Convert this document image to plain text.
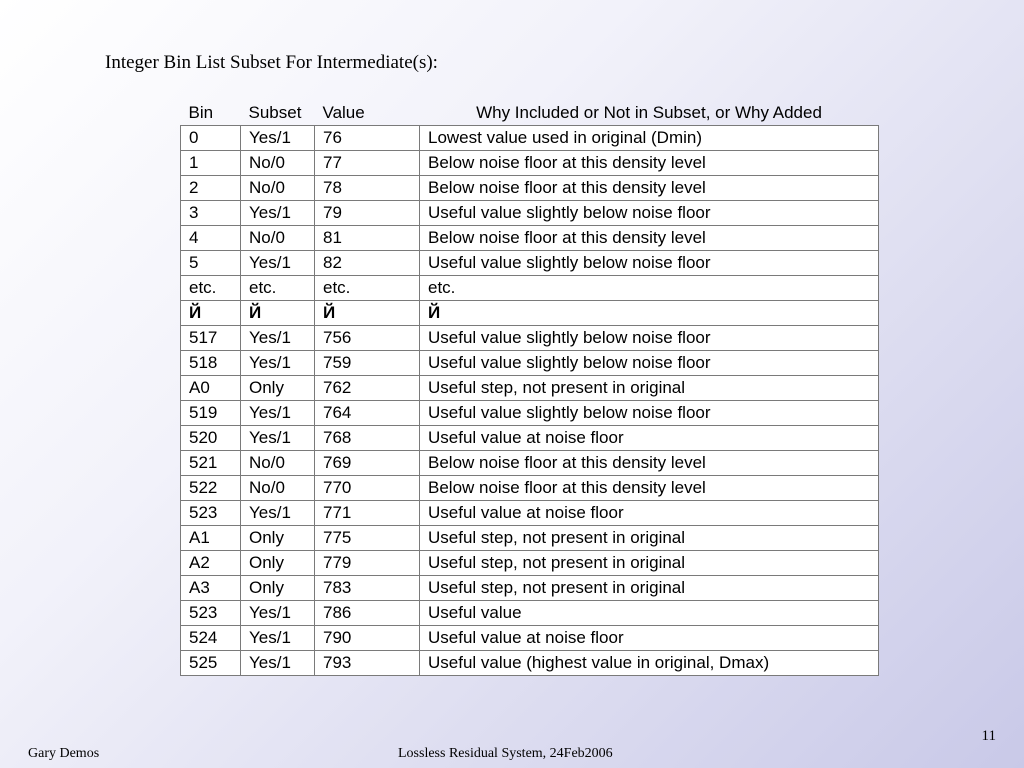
Integer Bin List Subset For Intermediate(s):
Bin	Subset	Value	Why Included or Not in Subset, or Why Added
0	Yes/1	76	Lowest value used in original (Dmin)
1	No/0	77	Below noise floor at this density level
2	No/0	78	Below noise floor at this density level
3	Yes/1	79	Useful value slightly below noise floor
4	No/0	81	Below noise floor at this density level
5	Yes/1	82	Useful value slightly below noise floor
etc.	etc.	etc.	etc.
Й	Й	Й	Й
517	Yes/1	756	Useful value slightly below noise floor
518	Yes/1	759	Useful value slightly below noise floor
A0	Only	762	Useful step, not present in original
519	Yes/1	764	Useful value slightly below noise floor
520	Yes/1	768	Useful value at noise floor
521	No/0	769	Below noise floor at this density level
522	No/0	770	Below noise floor at this density level
523	Yes/1	771	Useful value at noise floor
A1	Only	775	Useful step, not present in original
A2	Only	779	Useful step, not present in original
A3	Only	783	Useful step, not present in original
523	Yes/1	786	Useful value
524	Yes/1	790	Useful value at noise floor
525	Yes/1	793	Useful value (highest value in original, Dmax)
Gary Demos	Lossless Residual System, 24Feb2006
11
